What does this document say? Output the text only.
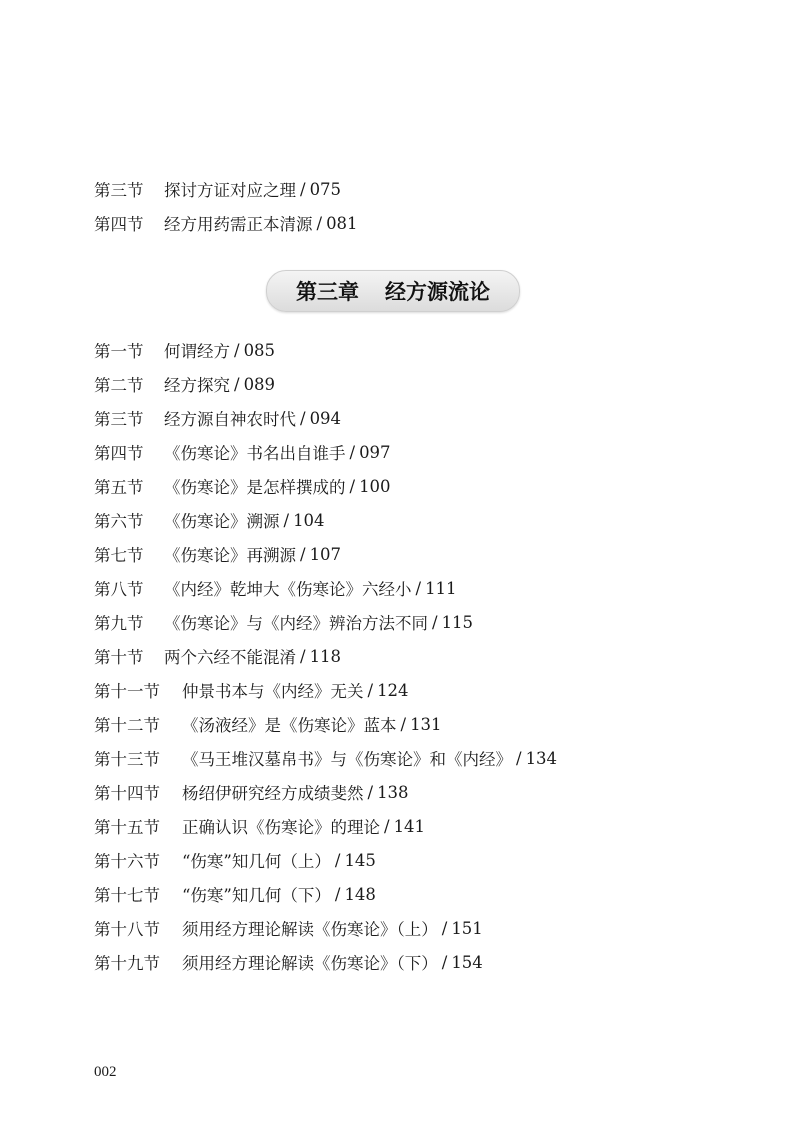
第三节	探讨方证对应之理 / 075
第四节	经方用药需正本清源 / 081
第三章 经方源流论
第一节	何谓经方 / 085
第二节	经方探究 / 089
第三节	经方源自神农时代 / 094
第四节	《伤寒论》书名出自谁手 / 097
第五节	《伤寒论》是怎样撰成的 / 100
第六节	《伤寒论》溯源 / 104
第七节	《伤寒论》再溯源 / 107
第八节	《内经》乾坤大《伤寒论》六经小 / 111
第九节	《伤寒论》与《内经》辨治方法不同 / 115
第十节	两个六经不能混淆 / 118
第十一节	仲景书本与《内经》无关 / 124
第十二节	《汤液经》是《伤寒论》蓝本 / 131
第十三节	《马王堆汉墓帛书》与《伤寒论》和《内经》 / 134
第十四节	杨绍伊研究经方成绩斐然 / 138
第十五节	正确认识《伤寒论》的理论 / 141
第十六节	“伤寒”知几何（上） / 145
第十七节	“伤寒”知几何（下） / 148
第十八节	须用经方理论解读《伤寒论》（上） / 151
第十九节	须用经方理论解读《伤寒论》（下） / 154
002
